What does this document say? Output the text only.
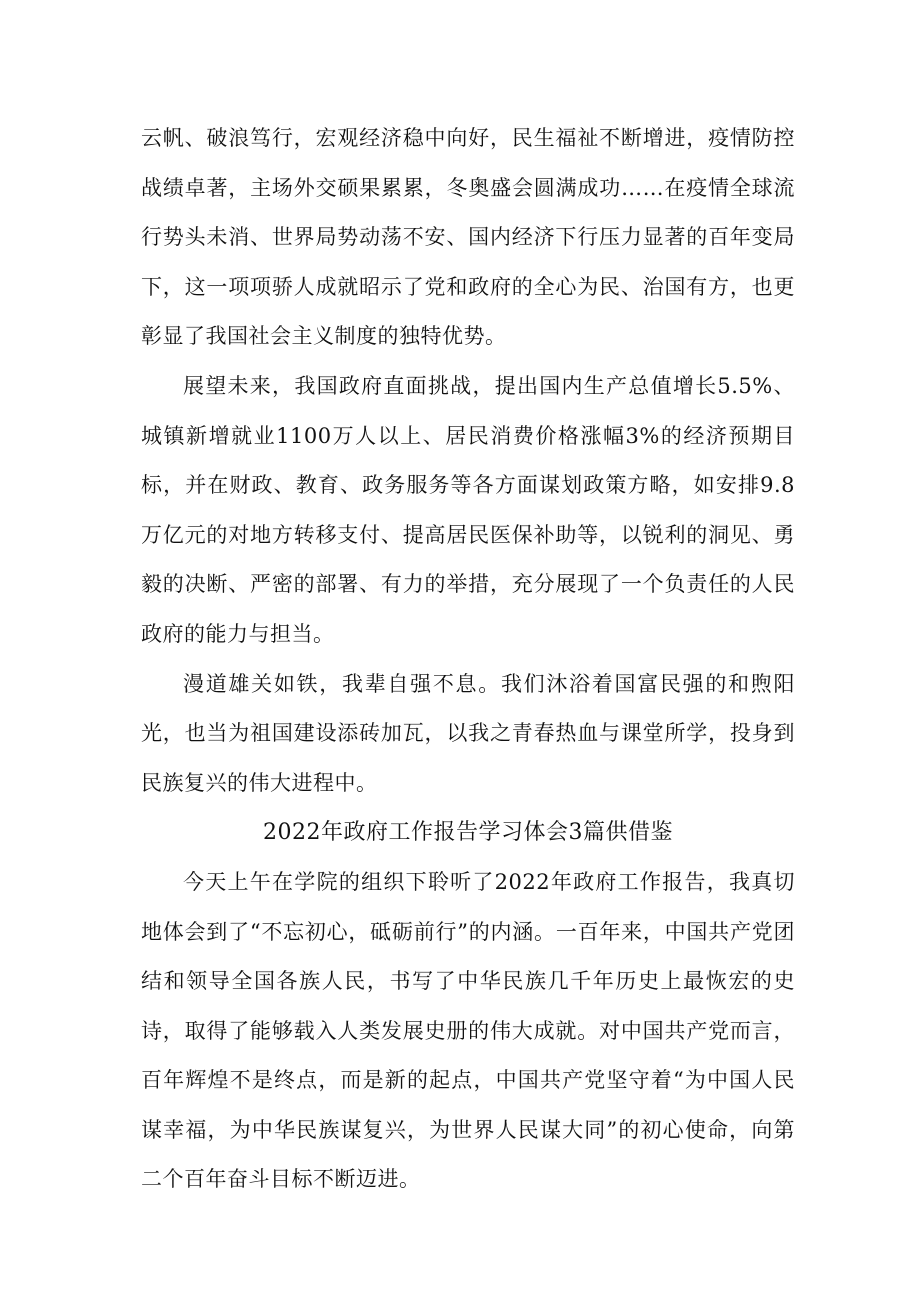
云帆、破浪笃行，宏观经济稳中向好，民生福祉不断增进，疫情防控战绩卓著，主场外交硕果累累，冬奥盛会圆满成功……在疫情全球流行势头未消、世界局势动荡不安、国内经济下行压力显著的百年变局下，这一项项骄人成就昭示了党和政府的全心为民、治国有方，也更彰显了我国社会主义制度的独特优势。

展望未来，我国政府直面挑战，提出国内生产总值增长5.5%、城镇新增就业1100万人以上、居民消费价格涨幅3%的经济预期目标，并在财政、教育、政务服务等各方面谋划政策方略，如安排9.8万亿元的对地方转移支付、提高居民医保补助等，以锐利的洞见、勇毅的决断、严密的部署、有力的举措，充分展现了一个负责任的人民政府的能力与担当。

漫道雄关如铁，我辈自强不息。我们沐浴着国富民强的和煦阳光，也当为祖国建设添砖加瓦，以我之青春热血与课堂所学，投身到民族复兴的伟大进程中。

2022年政府工作报告学习体会3篇供借鉴

今天上午在学院的组织下聆听了2022年政府工作报告，我真切地体会到了“不忘初心，砥砺前行”的内涵。一百年来，中国共产党团结和领导全国各族人民，书写了中华民族几千年历史上最恢宏的史诗，取得了能够载入人类发展史册的伟大成就。对中国共产党而言，百年辉煌不是终点，而是新的起点，中国共产党坚守着“为中国人民谋幸福，为中华民族谋复兴，为世界人民谋大同”的初心使命，向第二个百年奋斗目标不断迈进。
